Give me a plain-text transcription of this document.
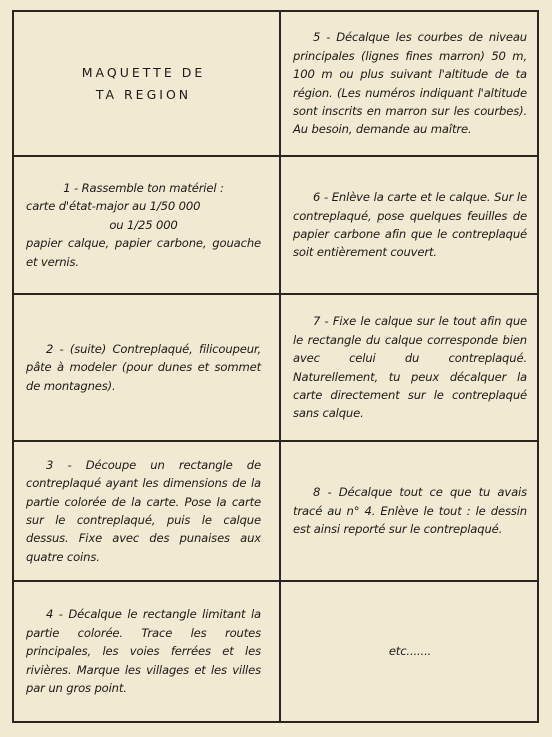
MAQUETTE DE
TA REGION
5 - Décalque les courbes de niveau principales (lignes fines marron) 50 m, 100 m ou plus suivant l'altitude de ta région. (Les numéros indiquant l'altitude sont inscrits en marron sur les courbes). Au besoin, demande au maître.
1 - Rassemble ton matériel :
carte d'état-major au 1/50 000
ou 1/25 000
papier calque, papier carbone, gouache et vernis.
6 - Enlève la carte et le calque. Sur le contreplaqué, pose quelques feuilles de papier carbone afin que le contreplaqué soit entièrement couvert.
2 - (suite) Contreplaqué, filicoupeur, pâte à modeler (pour dunes et sommet de montagnes).
7 - Fixe le calque sur le tout afin que le rectangle du calque corresponde bien avec celui du contreplaqué. Naturellement, tu peux décalquer la carte directement sur le contreplaqué sans calque.
3 - Découpe un rectangle de contreplaqué ayant les dimensions de la partie colorée de la carte. Pose la carte sur le contreplaqué, puis le calque dessus. Fixe avec des punaises aux quatre coins.
8 - Décalque tout ce que tu avais tracé au n° 4. Enlève le tout : le dessin est ainsi reporté sur le contreplaqué.
4 - Décalque le rectangle limitant la partie colorée. Trace les routes principales, les voies ferrées et les rivières. Marque les villages et les villes par un gros point.
etc.......
